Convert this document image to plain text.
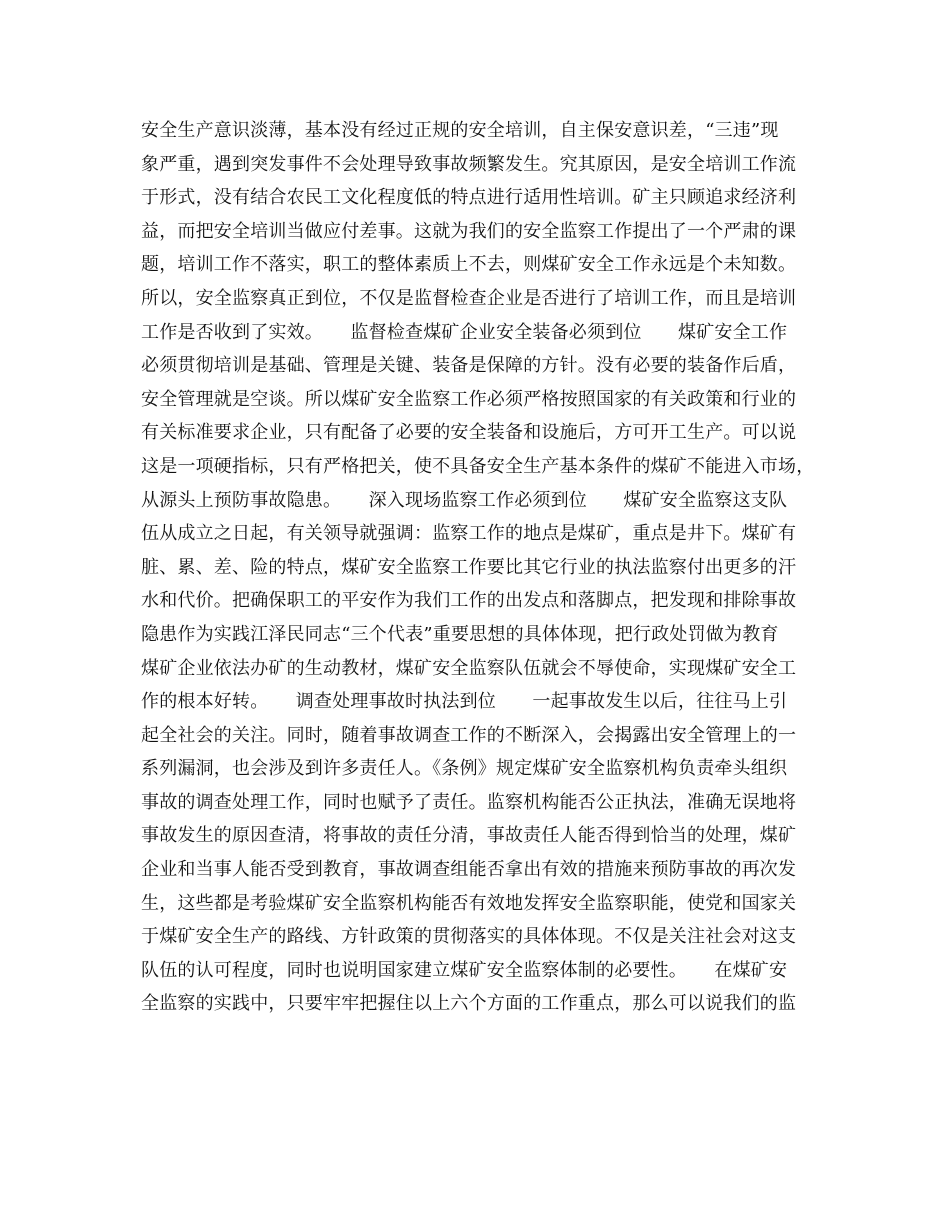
安全生产意识淡薄，基本没有经过正规的安全培训，自主保安意识差，“三违”现
象严重，遇到突发事件不会处理导致事故频繁发生。究其原因，是安全培训工作流
于形式，没有结合农民工文化程度低的特点进行适用性培训。矿主只顾追求经济利
益，而把安全培训当做应付差事。这就为我们的安全监察工作提出了一个严肃的课
题，培训工作不落实，职工的整体素质上不去，则煤矿安全工作永远是个未知数。
所以，安全监察真正到位，不仅是监督检查企业是否进行了培训工作，而且是培训
工作是否收到了实效。　　监督检查煤矿企业安全装备必须到位　　煤矿安全工作
必须贯彻培训是基础、管理是关键、装备是保障的方针。没有必要的装备作后盾，
安全管理就是空谈。所以煤矿安全监察工作必须严格按照国家的有关政策和行业的
有关标准要求企业，只有配备了必要的安全装备和设施后，方可开工生产。可以说
这是一项硬指标，只有严格把关，使不具备安全生产基本条件的煤矿不能进入市场，
从源头上预防事故隐患。　　深入现场监察工作必须到位　　煤矿安全监察这支队
伍从成立之日起，有关领导就强调：监察工作的地点是煤矿，重点是井下。煤矿有
脏、累、差、险的特点，煤矿安全监察工作要比其它行业的执法监察付出更多的汗
水和代价。把确保职工的平安作为我们工作的出发点和落脚点，把发现和排除事故
隐患作为实践江泽民同志“三个代表”重要思想的具体体现，把行政处罚做为教育
煤矿企业依法办矿的生动教材，煤矿安全监察队伍就会不辱使命，实现煤矿安全工
作的根本好转。　　调查处理事故时执法到位　　一起事故发生以后，往往马上引
起全社会的关注。同时，随着事故调查工作的不断深入，会揭露出安全管理上的一
系列漏洞，也会涉及到许多责任人。《条例》规定煤矿安全监察机构负责牵头组织
事故的调查处理工作，同时也赋予了责任。监察机构能否公正执法，准确无误地将
事故发生的原因查清，将事故的责任分清，事故责任人能否得到恰当的处理，煤矿
企业和当事人能否受到教育，事故调查组能否拿出有效的措施来预防事故的再次发
生，这些都是考验煤矿安全监察机构能否有效地发挥安全监察职能，使党和国家关
于煤矿安全生产的路线、方针政策的贯彻落实的具体体现。不仅是关注社会对这支
队伍的认可程度，同时也说明国家建立煤矿安全监察体制的必要性。　　在煤矿安
全监察的实践中，只要牢牢把握住以上六个方面的工作重点，那么可以说我们的监
